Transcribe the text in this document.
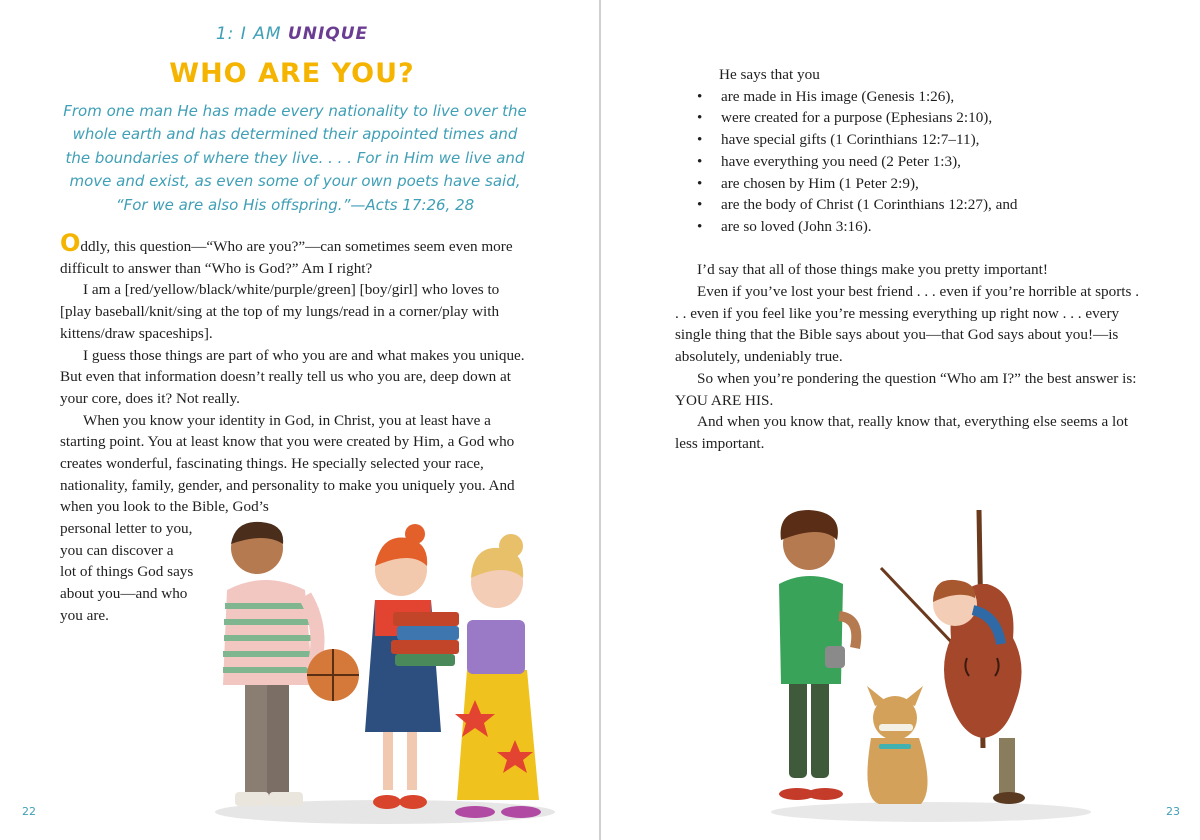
1: I AM UNIQUE
WHO ARE YOU?
From one man He has made every nationality to live over the whole earth and has determined their appointed times and the boundaries of where they live. . . . For in Him we live and move and exist, as even some of your own poets have said, “For we are also His offspring.”—Acts 17:26, 28

Oddly, this question—“Who are you?”—can sometimes seem even more difficult to answer than “Who is God?” Am I right?

I am a [red/yellow/black/white/purple/green] [boy/girl] who loves to [play baseball/knit/sing at the top of my lungs/read in a corner/play with kittens/draw spaceships].

I guess those things are part of who you are and what makes you unique. But even that information doesn’t really tell us who you are, deep down at your core, does it? Not really.

When you know your identity in God, in Christ, you at least have a starting point. You at least know that you were created by Him, a God who creates wonderful, fascinating things. He specially selected your race, nationality, family, gender, and personality to make you uniquely you. And when you look to the Bible, God’s

personal letter to you,
you can discover a
lot of things God says
about you—and who
you are.
22

He says that you

• are made in His image (Genesis 1:26),
• were created for a purpose (Ephesians 2:10),
• have special gifts (1 Corinthians 12:7–11),
• have everything you need (2 Peter 1:3),
• are chosen by Him (1 Peter 2:9),
• are the body of Christ (1 Corinthians 12:27), and
• are so loved (John 3:16).

I’d say that all of those things make you pretty important!

Even if you’ve lost your best friend . . . even if you’re horrible at sports . . . even if you feel like you’re messing everything up right now . . . every single thing that the Bible says about you—that God says about you!—is absolutely, undeniably true.

So when you’re pondering the question “Who am I?” the best answer is: YOU ARE HIS.

And when you know that, really know that, everything else seems a lot less important.

23
